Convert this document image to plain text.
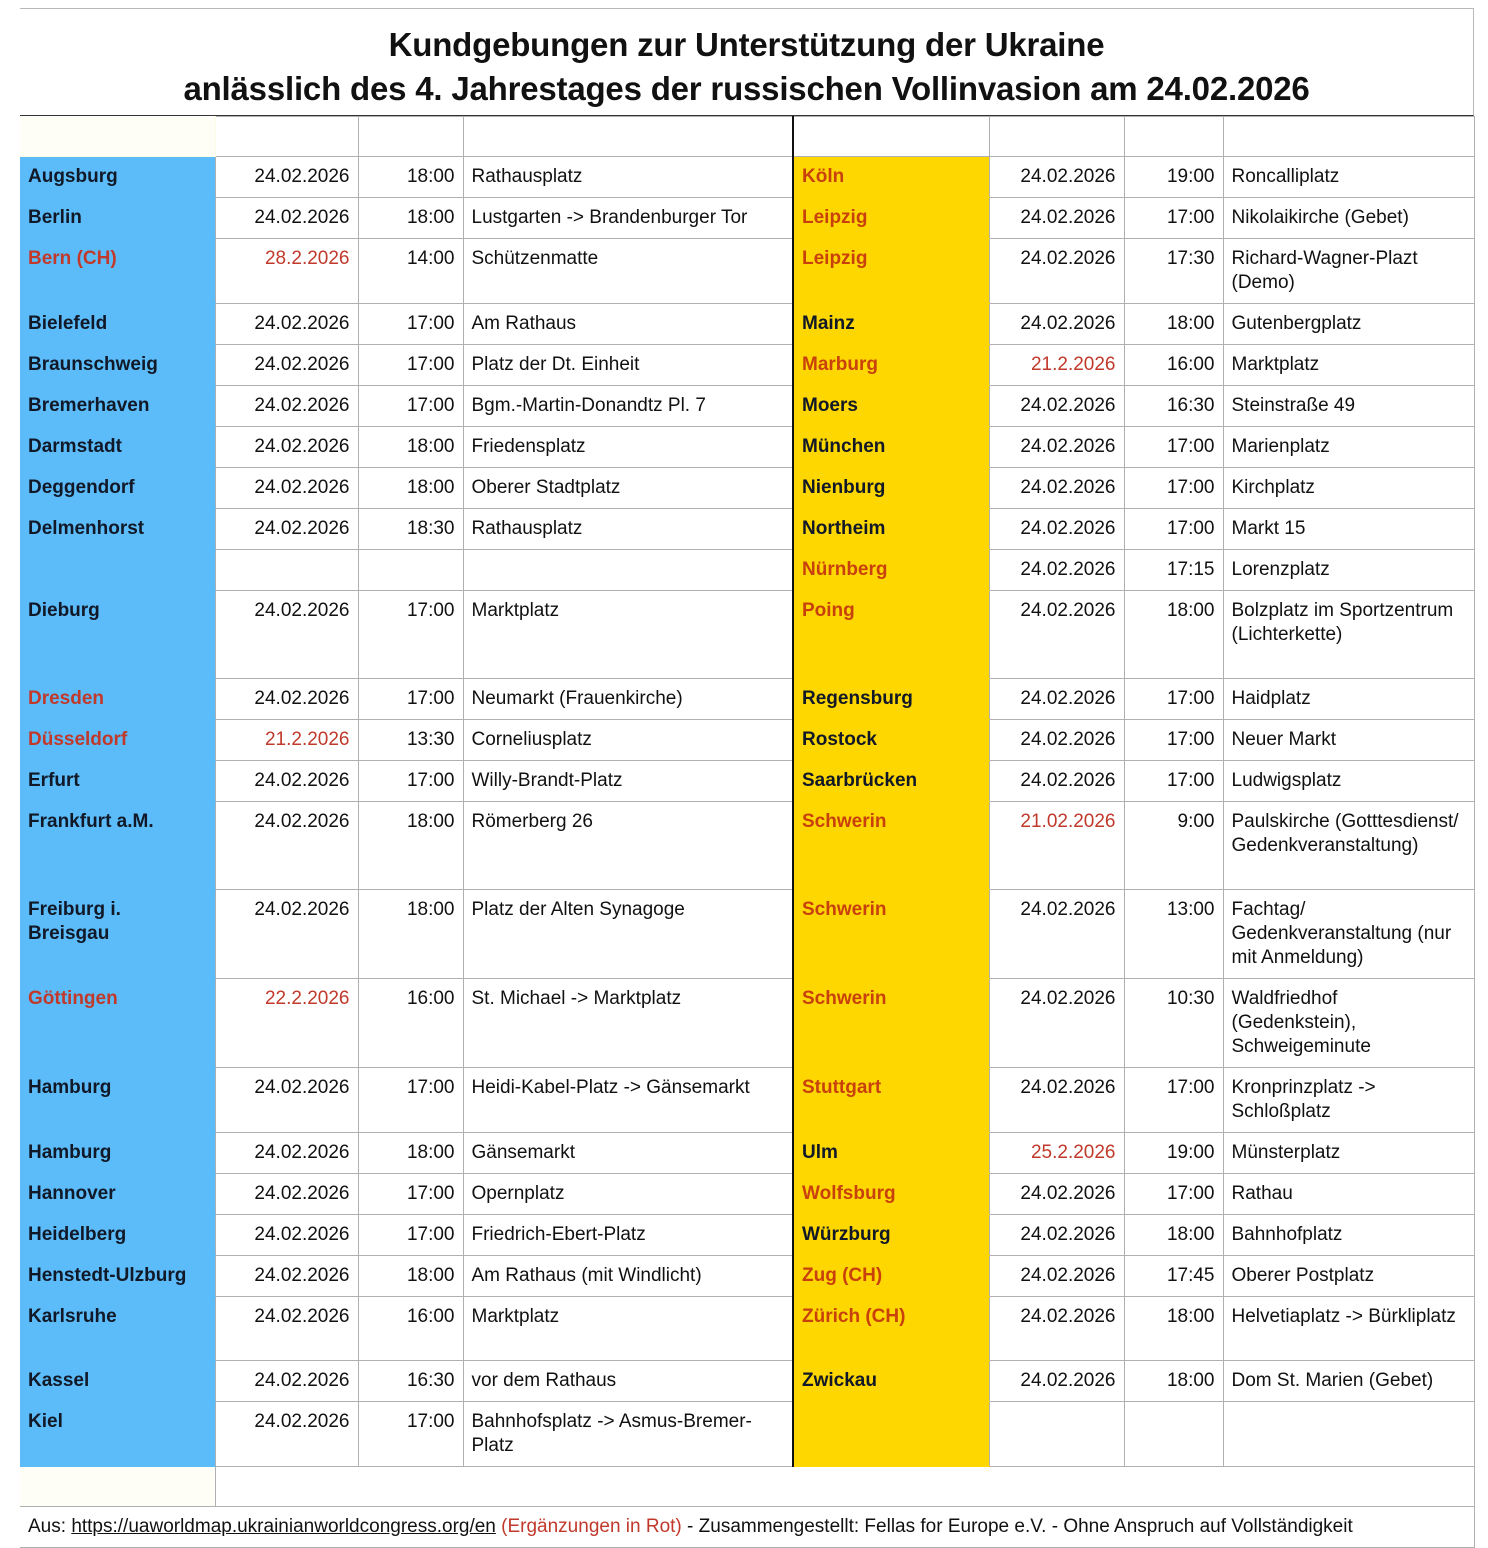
Kundgebungen zur Unterstützung der Ukraine
anlässlich des 4. Jahrestages der russischen Vollinvasion am 24.02.2026

Augsburg	24.02.2026	18:00	Rathausplatz	Köln	24.02.2026	19:00	Roncalliplatz
Berlin	24.02.2026	18:00	Lustgarten -> Brandenburger Tor	Leipzig	24.02.2026	17:00	Nikolaikirche (Gebet)
Bern (CH)	28.2.2026	14:00	Schützenmatte	Leipzig	24.02.2026	17:30	Richard-Wagner-Plazt (Demo)
Bielefeld	24.02.2026	17:00	Am Rathaus	Mainz	24.02.2026	18:00	Gutenbergplatz
Braunschweig	24.02.2026	17:00	Platz der Dt. Einheit	Marburg	21.2.2026	16:00	Marktplatz
Bremerhaven	24.02.2026	17:00	Bgm.-Martin-Donandtz Pl. 7	Moers	24.02.2026	16:30	Steinstraße 49
Darmstadt	24.02.2026	18:00	Friedensplatz	München	24.02.2026	17:00	Marienplatz
Deggendorf	24.02.2026	18:00	Oberer Stadtplatz	Nienburg	24.02.2026	17:00	Kirchplatz
Delmenhorst	24.02.2026	18:30	Rathausplatz	Northeim	24.02.2026	17:00	Markt 15
				Nürnberg	24.02.2026	17:15	Lorenzplatz
Dieburg	24.02.2026	17:00	Marktplatz	Poing	24.02.2026	18:00	Bolzplatz im Sportzentrum (Lichterkette)
Dresden	24.02.2026	17:00	Neumarkt (Frauenkirche)	Regensburg	24.02.2026	17:00	Haidplatz
Düsseldorf	21.2.2026	13:30	Corneliusplatz	Rostock	24.02.2026	17:00	Neuer Markt
Erfurt	24.02.2026	17:00	Willy-Brandt-Platz	Saarbrücken	24.02.2026	17:00	Ludwigsplatz
Frankfurt a.M.	24.02.2026	18:00	Römerberg 26	Schwerin	21.02.2026	9:00	Paulskirche (Gotttesdienst/ Gedenkveranstaltung)
Freiburg i. Breisgau	24.02.2026	18:00	Platz der Alten Synagoge	Schwerin	24.02.2026	13:00	Fachtag/ Gedenkveranstaltung (nur mit Anmeldung)
Göttingen	22.2.2026	16:00	St. Michael -> Marktplatz	Schwerin	24.02.2026	10:30	Waldfriedhof (Gedenkstein), Schweigeminute
Hamburg	24.02.2026	17:00	Heidi-Kabel-Platz -> Gänsemarkt	Stuttgart	24.02.2026	17:00	Kronprinzplatz -> Schloßplatz
Hamburg	24.02.2026	18:00	Gänsemarkt	Ulm	25.2.2026	19:00	Münsterplatz
Hannover	24.02.2026	17:00	Opernplatz	Wolfsburg	24.02.2026	17:00	Rathau
Heidelberg	24.02.2026	17:00	Friedrich-Ebert-Platz	Würzburg	24.02.2026	18:00	Bahnhofplatz
Henstedt-Ulzburg	24.02.2026	18:00	Am Rathaus (mit Windlicht)	Zug (CH)	24.02.2026	17:45	Oberer Postplatz
Karlsruhe	24.02.2026	16:00	Marktplatz	Zürich (CH)	24.02.2026	18:00	Helvetiaplatz -> Bürkliplatz
Kassel	24.02.2026	16:30	vor dem Rathaus	Zwickau	24.02.2026	18:00	Dom St. Marien (Gebet)
Kiel	24.02.2026	17:00	Bahnhofsplatz -> Asmus-Bremer-Platz				

Aus: https://uaworldmap.ukrainianworldcongress.org/en (Ergänzungen in Rot) - Zusammengestellt: Fellas for Europe e.V. - Ohne Anspruch auf Vollständigkeit							
